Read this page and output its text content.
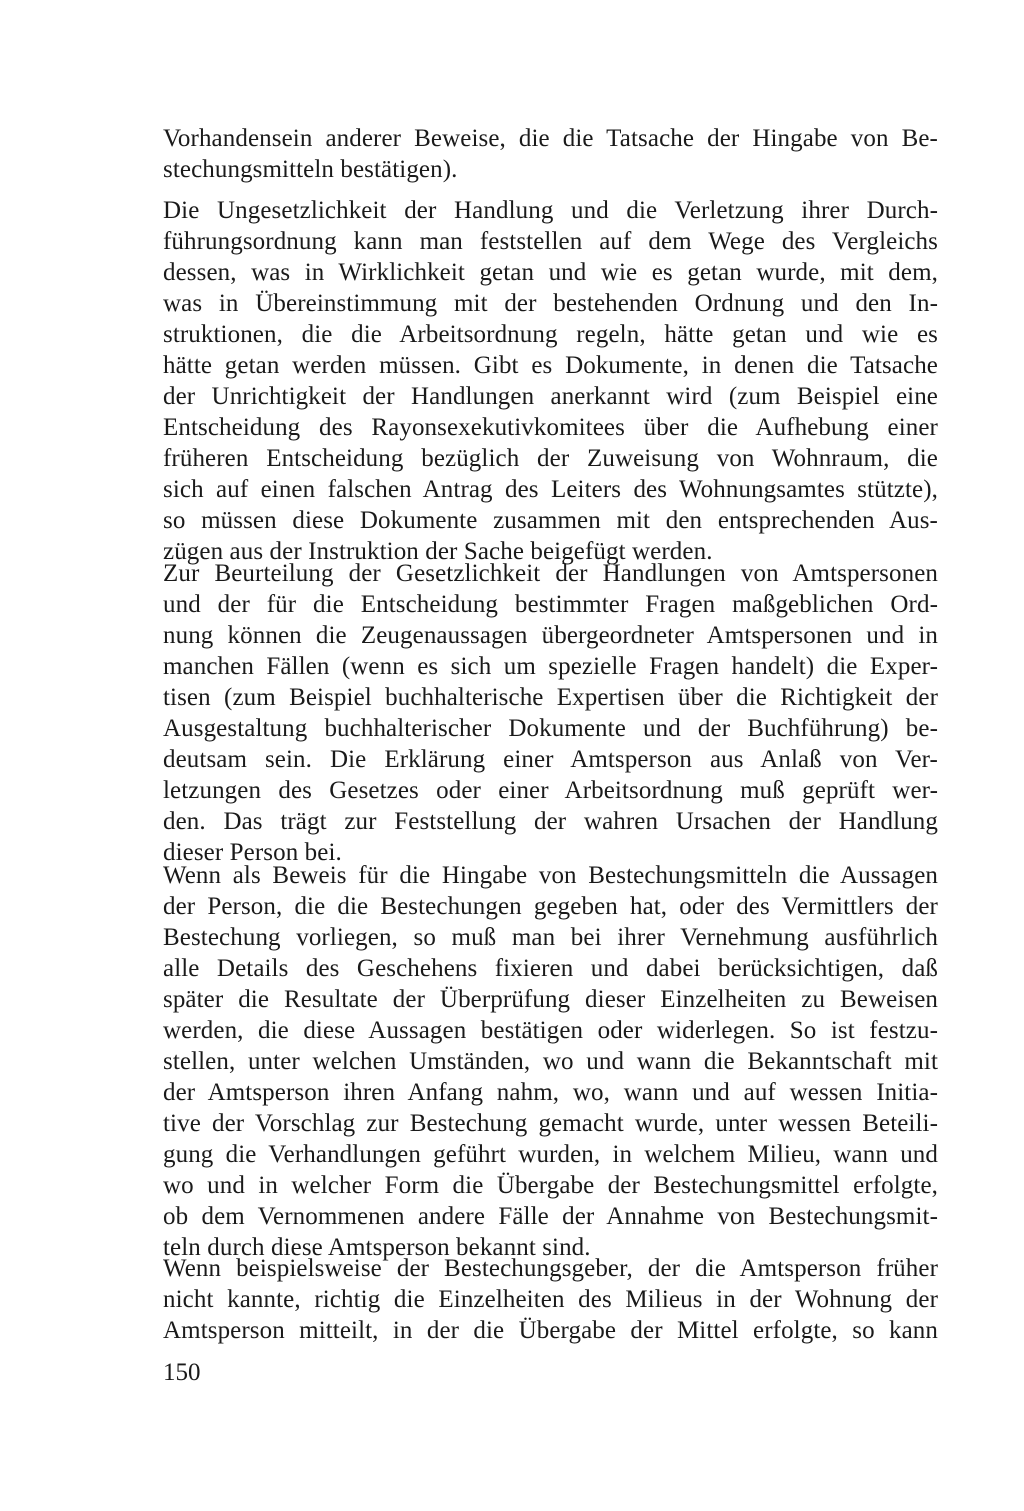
Vorhandensein anderer Beweise, die die Tatsache der Hingabe von Be-
stechungsmitteln bestätigen).
Die Ungesetzlichkeit der Handlung und die Verletzung ihrer Durch-
führungsordnung kann man feststellen auf dem Wege des Vergleichs
dessen, was in Wirklichkeit getan und wie es getan wurde, mit dem,
was in Übereinstimmung mit der bestehenden Ordnung und den In-
struktionen, die die Arbeitsordnung regeln, hätte getan und wie es
hätte getan werden müssen. Gibt es Dokumente, in denen die Tatsache
der Unrichtigkeit der Handlungen anerkannt wird (zum Beispiel eine
Entscheidung des Rayonsexekutivkomitees über die Aufhebung einer
früheren Entscheidung bezüglich der Zuweisung von Wohnraum, die
sich auf einen falschen Antrag des Leiters des Wohnungsamtes stützte),
so müssen diese Dokumente zusammen mit den entsprechenden Aus-
zügen aus der Instruktion der Sache beigefügt werden.
Zur Beurteilung der Gesetzlichkeit der Handlungen von Amtspersonen
und der für die Entscheidung bestimmter Fragen maßgeblichen Ord-
nung können die Zeugenaussagen übergeordneter Amtspersonen und in
manchen Fällen (wenn es sich um spezielle Fragen handelt) die Exper-
tisen (zum Beispiel buchhalterische Expertisen über die Richtigkeit der
Ausgestaltung buchhalterischer Dokumente und der Buchführung) be-
deutsam sein. Die Erklärung einer Amtsperson aus Anlaß von Ver-
letzungen des Gesetzes oder einer Arbeitsordnung muß geprüft wer-
den. Das trägt zur Feststellung der wahren Ursachen der Handlung
dieser Person bei.
Wenn als Beweis für die Hingabe von Bestechungsmitteln die Aussagen
der Person, die die Bestechungen gegeben hat, oder des Vermittlers der
Bestechung vorliegen, so muß man bei ihrer Vernehmung ausführlich
alle Details des Geschehens fixieren und dabei berücksichtigen, daß
später die Resultate der Überprüfung dieser Einzelheiten zu Beweisen
werden, die diese Aussagen bestätigen oder widerlegen. So ist festzu-
stellen, unter welchen Umständen, wo und wann die Bekanntschaft mit
der Amtsperson ihren Anfang nahm, wo, wann und auf wessen Initia-
tive der Vorschlag zur Bestechung gemacht wurde, unter wessen Beteili-
gung die Verhandlungen geführt wurden, in welchem Milieu, wann und
wo und in welcher Form die Übergabe der Bestechungsmittel erfolgte,
ob dem Vernommenen andere Fälle der Annahme von Bestechungsmit-
teln durch diese Amtsperson bekannt sind.
Wenn beispielsweise der Bestechungsgeber, der die Amtsperson früher
nicht kannte, richtig die Einzelheiten des Milieus in der Wohnung der
Amtsperson mitteilt, in der die Übergabe der Mittel erfolgte, so kann
150
